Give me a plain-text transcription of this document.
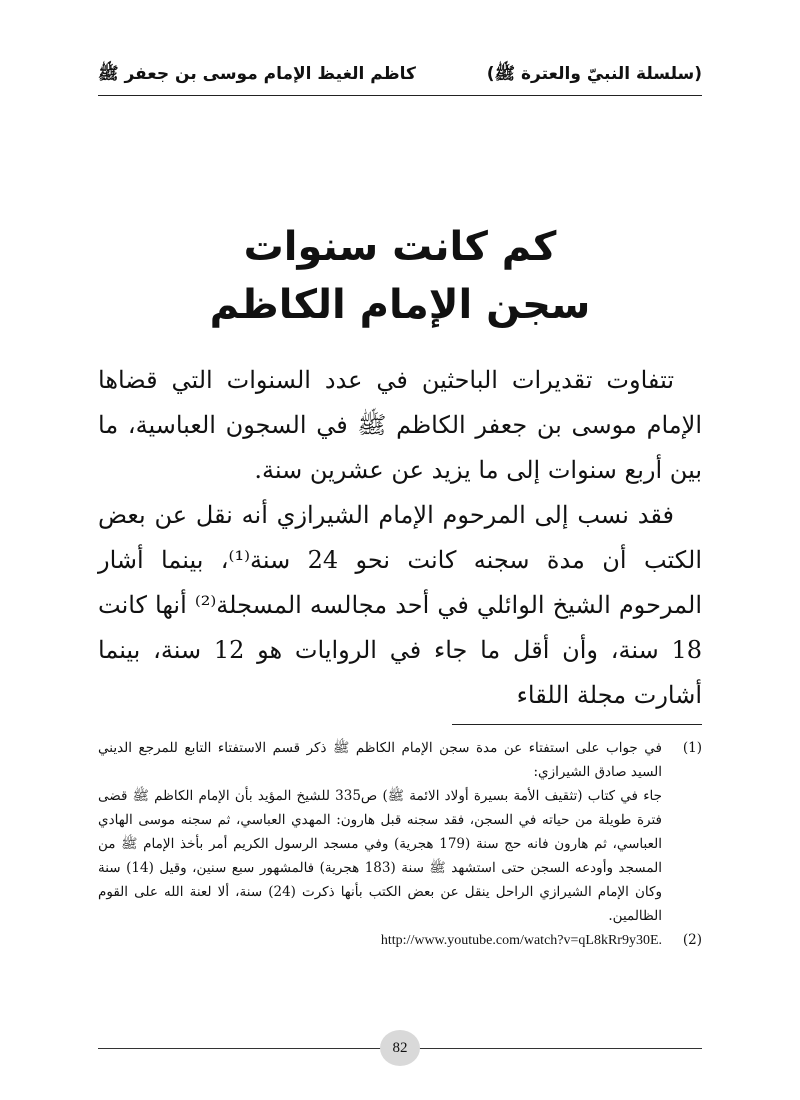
(سلسلة النبيّ والعترة ﷺ)
كاظم الغيظ الإمام موسى بن جعفر ﷺ
كم كانت سنوات
سجن الإمام الكاظم

تتفاوت تقديرات الباحثين في عدد السنوات التي قضاها الإمام موسى بن جعفر الكاظم ﷺ في السجون العباسية، ما بين أربع سنوات إلى ما يزيد عن عشرين سنة.

فقد نسب إلى المرحوم الإمام الشيرازي أنه نقل عن بعض الكتب أن مدة سجنه كانت نحو 24 سنة⁽¹⁾، بينما أشار المرحوم الشيخ الوائلي في أحد مجالسه المسجلة⁽²⁾ أنها كانت 18 سنة، وأن أقل ما جاء في الروايات هو 12 سنة، بينما أشارت مجلة اللقاء

(1)
في جواب على استفتاء عن مدة سجن الإمام الكاظم ﷺ ذكر قسم الاستفتاء التابع للمرجع الديني السيد صادق الشيرازي:
جاء في كتاب (تثقيف الأمة بسيرة أولاد الائمة ﷺ) ص335 للشيخ المؤيد بأن الإمام الكاظم ﷺ قضى فترة طويلة من حياته في السجن، فقد سجنه قبل هارون: المهدي العباسي، ثم سجنه موسى الهادي العباسي، ثم هارون فانه حج سنة (179 هجرية) وفي مسجد الرسول الكريم أمر بأخذ الإمام ﷺ من المسجد وأودعه السجن حتى استشهد ﷺ سنة (183 هجرية) فالمشهور سبع سنين، وقيل (14) سنة وكان الإمام الشيرازي الراحل ينقل عن بعض الكتب بأنها ذكرت (24) سنة، ألا لعنة الله على القوم الظالمين.
(2)
http://www.youtube.com/watch?v=qL8kRr9y30E.
82
